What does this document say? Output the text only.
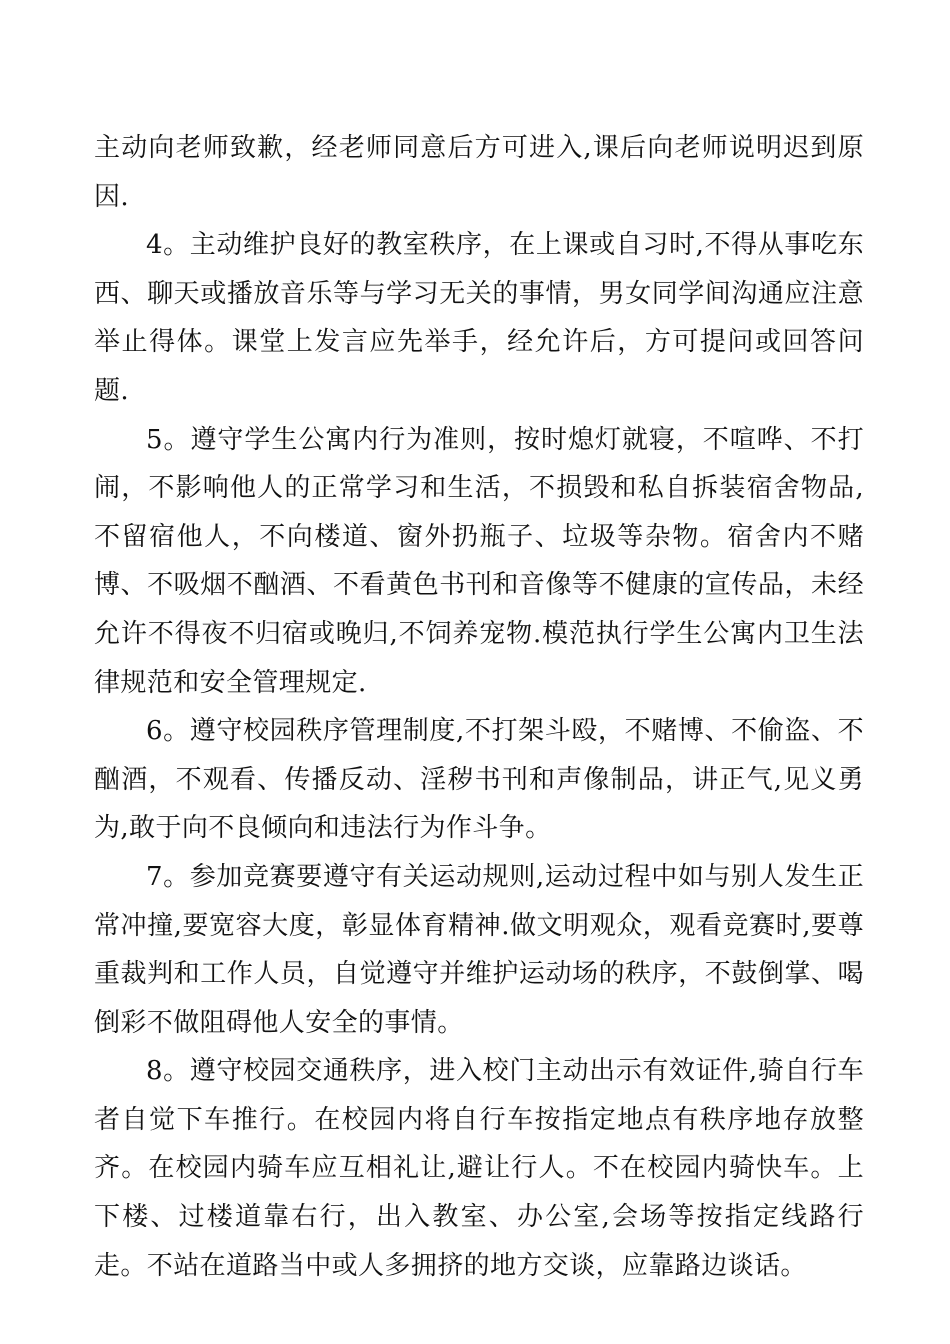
主动向老师致歉，经老师同意后方可进入,课后向老师说明迟到原因.

4。主动维护良好的教室秩序，在上课或自习时,不得从事吃东西、聊天或播放音乐等与学习无关的事情，男女同学间沟通应注意举止得体。课堂上发言应先举手，经允许后，方可提问或回答问题.

5。遵守学生公寓内行为准则，按时熄灯就寝，不喧哗、不打闹，不影响他人的正常学习和生活，不损毁和私自拆装宿舍物品,不留宿他人，不向楼道、窗外扔瓶子、垃圾等杂物。宿舍内不赌博、不吸烟不酗酒、不看黄色书刊和音像等不健康的宣传品，未经允许不得夜不归宿或晚归,不饲养宠物.模范执行学生公寓内卫生法律规范和安全管理规定.

6。遵守校园秩序管理制度,不打架斗殴，不赌博、不偷盗、不酗酒，不观看、传播反动、淫秽书刊和声像制品，讲正气,见义勇为,敢于向不良倾向和违法行为作斗争。

7。参加竞赛要遵守有关运动规则,运动过程中如与别人发生正常冲撞,要宽容大度，彰显体育精神.做文明观众，观看竞赛时,要尊重裁判和工作人员，自觉遵守并维护运动场的秩序，不鼓倒掌、喝倒彩不做阻碍他人安全的事情。

8。遵守校园交通秩序，进入校门主动出示有效证件,骑自行车者自觉下车推行。在校园内将自行车按指定地点有秩序地存放整齐。在校园内骑车应互相礼让,避让行人。不在校园内骑快车。上下楼、过楼道靠右行，出入教室、办公室,会场等按指定线路行走。不站在道路当中或人多拥挤的地方交谈，应靠路边谈话。
